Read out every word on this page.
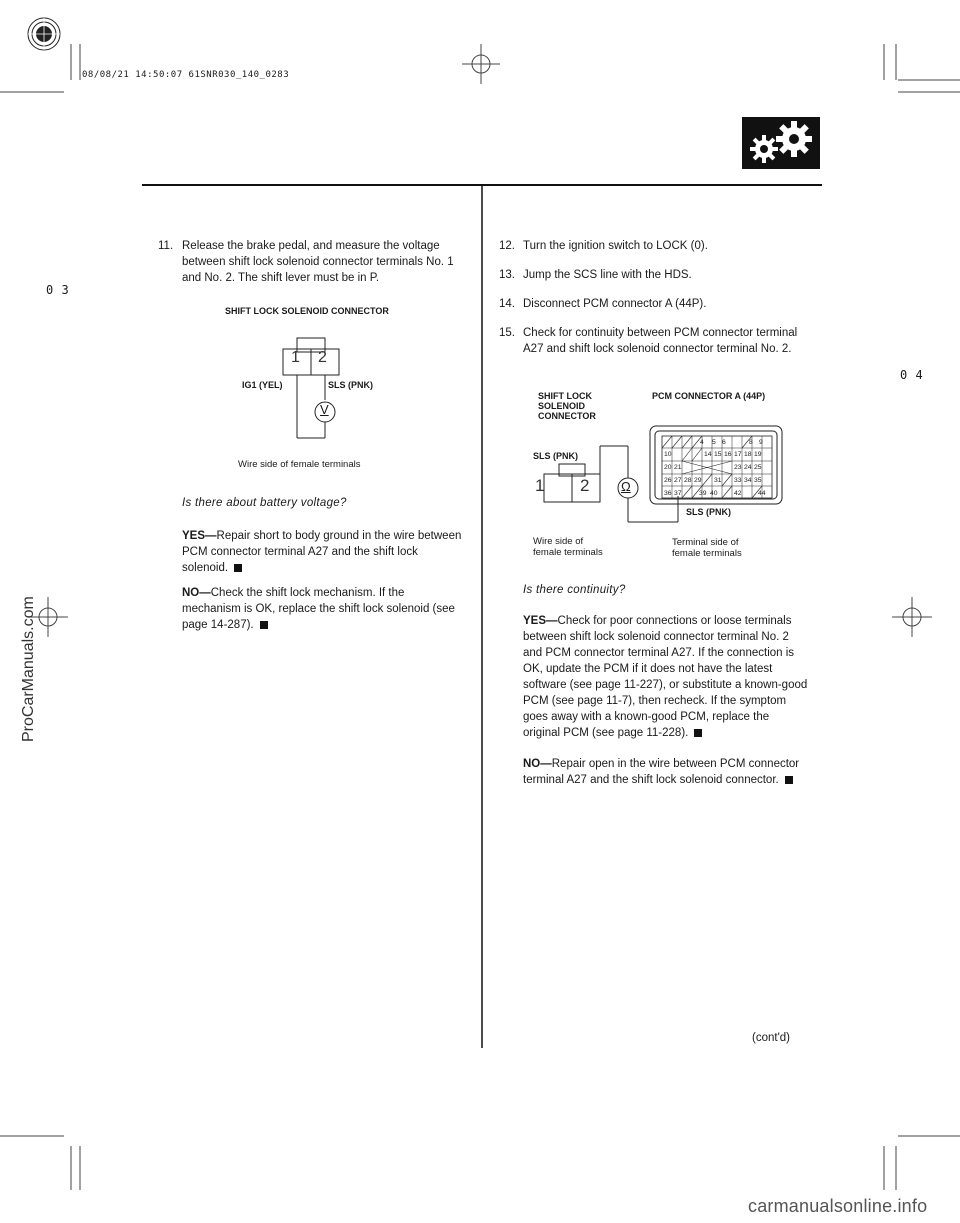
08/08/21 14:50:07 61SNR030_140_0283
0 3
0 4
11. Release the brake pedal, and measure the voltage between shift lock solenoid connector terminals No. 1 and No. 2. The shift lever must be in P.
SHIFT LOCK SOLENOID CONNECTOR
1 2
V
IG1 (YEL)	SLS (PNK)
Wire side of female terminals
Is there about battery voltage?
YES—Repair short to body ground in the wire between PCM connector terminal A27 and the shift lock solenoid.
NO—Check the shift lock mechanism. If the mechanism is OK, replace the shift lock solenoid (see page 14-287).
12. Turn the ignition switch to LOCK (0).
13. Jump the SCS line with the HDS.
14. Disconnect PCM connector A (44P).
15. Check for continuity between PCM connector terminal A27 and shift lock solenoid connector terminal No. 2.
SHIFT LOCK
SOLENOID
CONNECTOR
PCM CONNECTOR A (44P)
SLS (PNK)
SLS (PNK)
1 2 Ω
4 5 6	8 9
10	14 15 16 17 18 19
20 21	23 24 25
26 27 28 29 31 33 34 35
36 37	39 40 42 44
Wire side of
female terminals
Terminal side of
female terminals
Is there continuity?
YES—Check for poor connections or loose terminals between shift lock solenoid connector terminal No. 2 and PCM connector terminal A27. If the connection is OK, update the PCM if it does not have the latest software (see page 11-227), or substitute a known-good PCM (see page 11-7), then recheck. If the symptom goes away with a known-good PCM, replace the original PCM (see page 11-228).
NO—Repair open in the wire between PCM connector terminal A27 and the shift lock solenoid connector.
(cont'd)
ProCarManuals.com
carmanualsonline.info
